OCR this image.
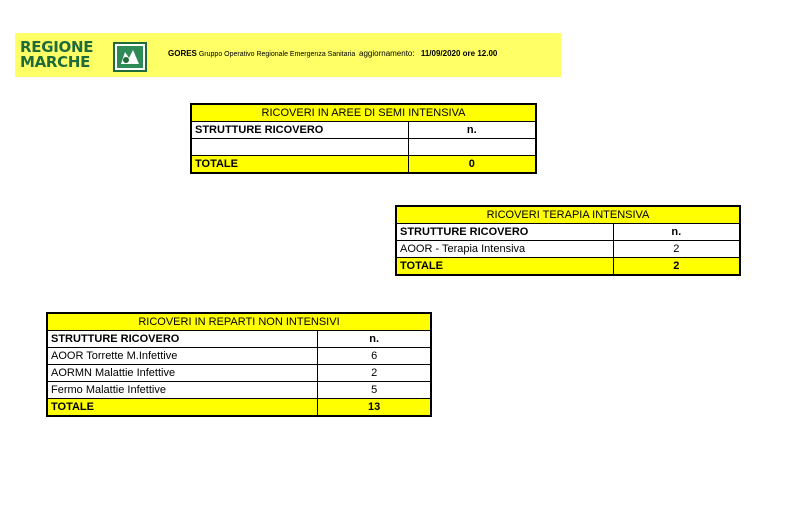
REGIONE
MARCHE	GORES Gruppo Operativo Regionale Emergenza Sanitaria aggiornamento: 11/09/2020 ore 12.00
RICOVERI IN AREE DI SEMI INTENSIVA	
STRUTTURE RICOVERO	n.

TOTALE	0
RICOVERI TERAPIA INTENSIVA	
STRUTTURE RICOVERO	n.
AOOR - Terapia Intensiva	2
TOTALE	2
RICOVERI IN REPARTI NON INTENSIVI	
STRUTTURE RICOVERO	n.
AOOR Torrette M.Infettive	6
AORMN Malattie Infettive	2
Fermo Malattie Infettive	5
TOTALE	13
